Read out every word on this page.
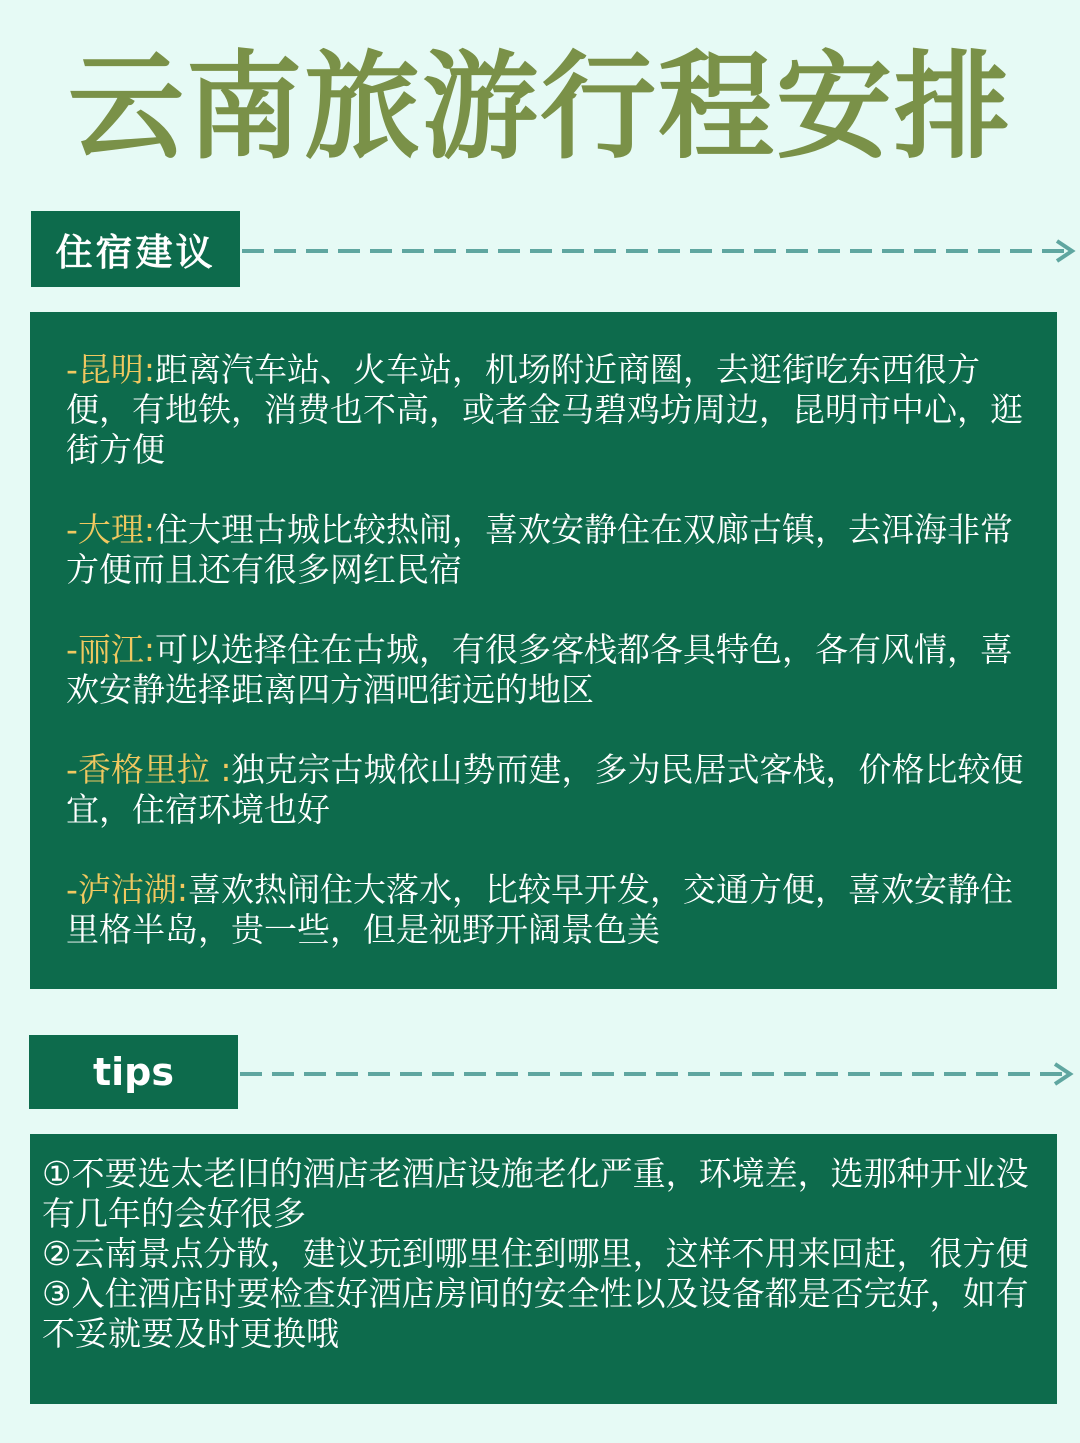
云南旅游行程安排
住宿建议
-昆明:距离汽车站、火车站，机场附近商圈，去逛街吃东西很方便，有地铁，消费也不高，或者金马碧鸡坊周边，昆明市中心，逛街方便
-大理:住大理古城比较热闹，喜欢安静住在双廊古镇，去洱海非常方便而且还有很多网红民宿
-丽江:可以选择住在古城，有很多客栈都各具特色，各有风情，喜欢安静选择距离四方酒吧街远的地区
-香格里拉 :独克宗古城依山势而建，多为民居式客栈，价格比较便宜，住宿环境也好
-泸沽湖:喜欢热闹住大落水，比较早开发，交通方便，喜欢安静住里格半岛，贵一些，但是视野开阔景色美
tips
①不要选太老旧的酒店老酒店设施老化严重，环境差，选那种开业没有几年的会好很多
②云南景点分散，建议玩到哪里住到哪里，这样不用来回赶，很方便
③入住酒店时要检查好酒店房间的安全性以及设备都是否完好，如有不妥就要及时更换哦
